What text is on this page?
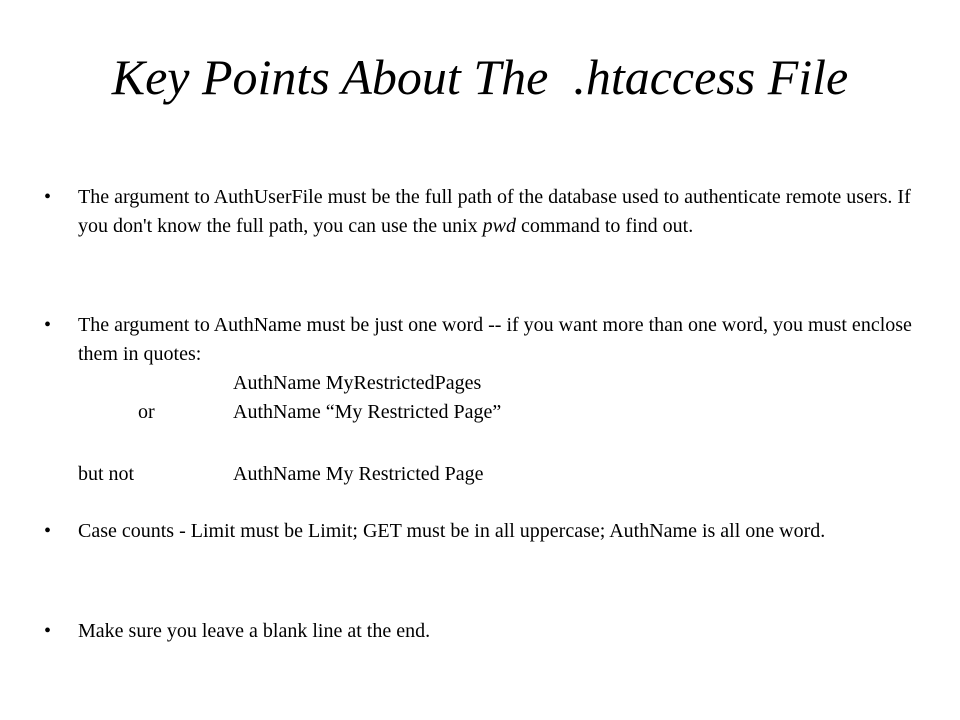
Key Points About The  .htaccess File
• The argument to AuthUserFile must be the full path of the database used to authenticate remote users. If you don't know the full path, you can use the unix pwd command to find out.
• The argument to AuthName must be just one word -- if you want more than one word, you must enclose them in quotes:
AuthName MyRestrictedPages
or	AuthName “My Restricted Page”
but not	AuthName My Restricted Page
• Case counts - Limit must be Limit; GET must be in all uppercase; AuthName is all one word.
• Make sure you leave a blank line at the end.
